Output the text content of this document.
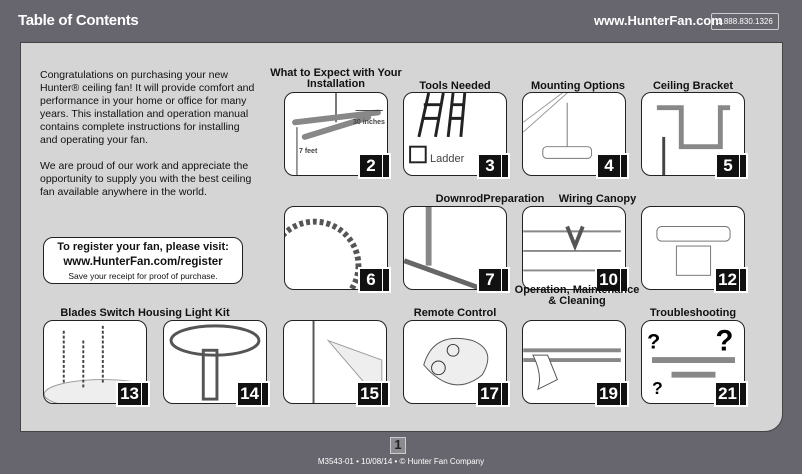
Table of Contents	www.HunterFan.com
1.888.830.1326

Congratulations on purchasing your new Hunter® ceiling fan! It will provide comfort and performance in your home or office for many years. This installation and operation manual contains complete instructions for installing and operating your fan.

We are proud of our work and appreciate the opportunity to supply you with the best ceiling fan available anywhere in the world.

To register your fan, please visit:
www.HunterFan.com/register
Save your receipt for proof of purchase.
30 inches
7 feet
2	Ladder	3	4	5
6	7	10	12
13	14	15	17	19
? ?
?	21
What to Expect with Your Installation	Tools Needed	Mounting Options	Ceiling Bracket
DownrodPreparation	Wiring Canopy
Blades Switch Housing Light Kit	Remote Control
Operation, Maintenance & Cleaning
Troubleshooting
1
M3543-01 • 10/08/14 • © Hunter Fan Company
